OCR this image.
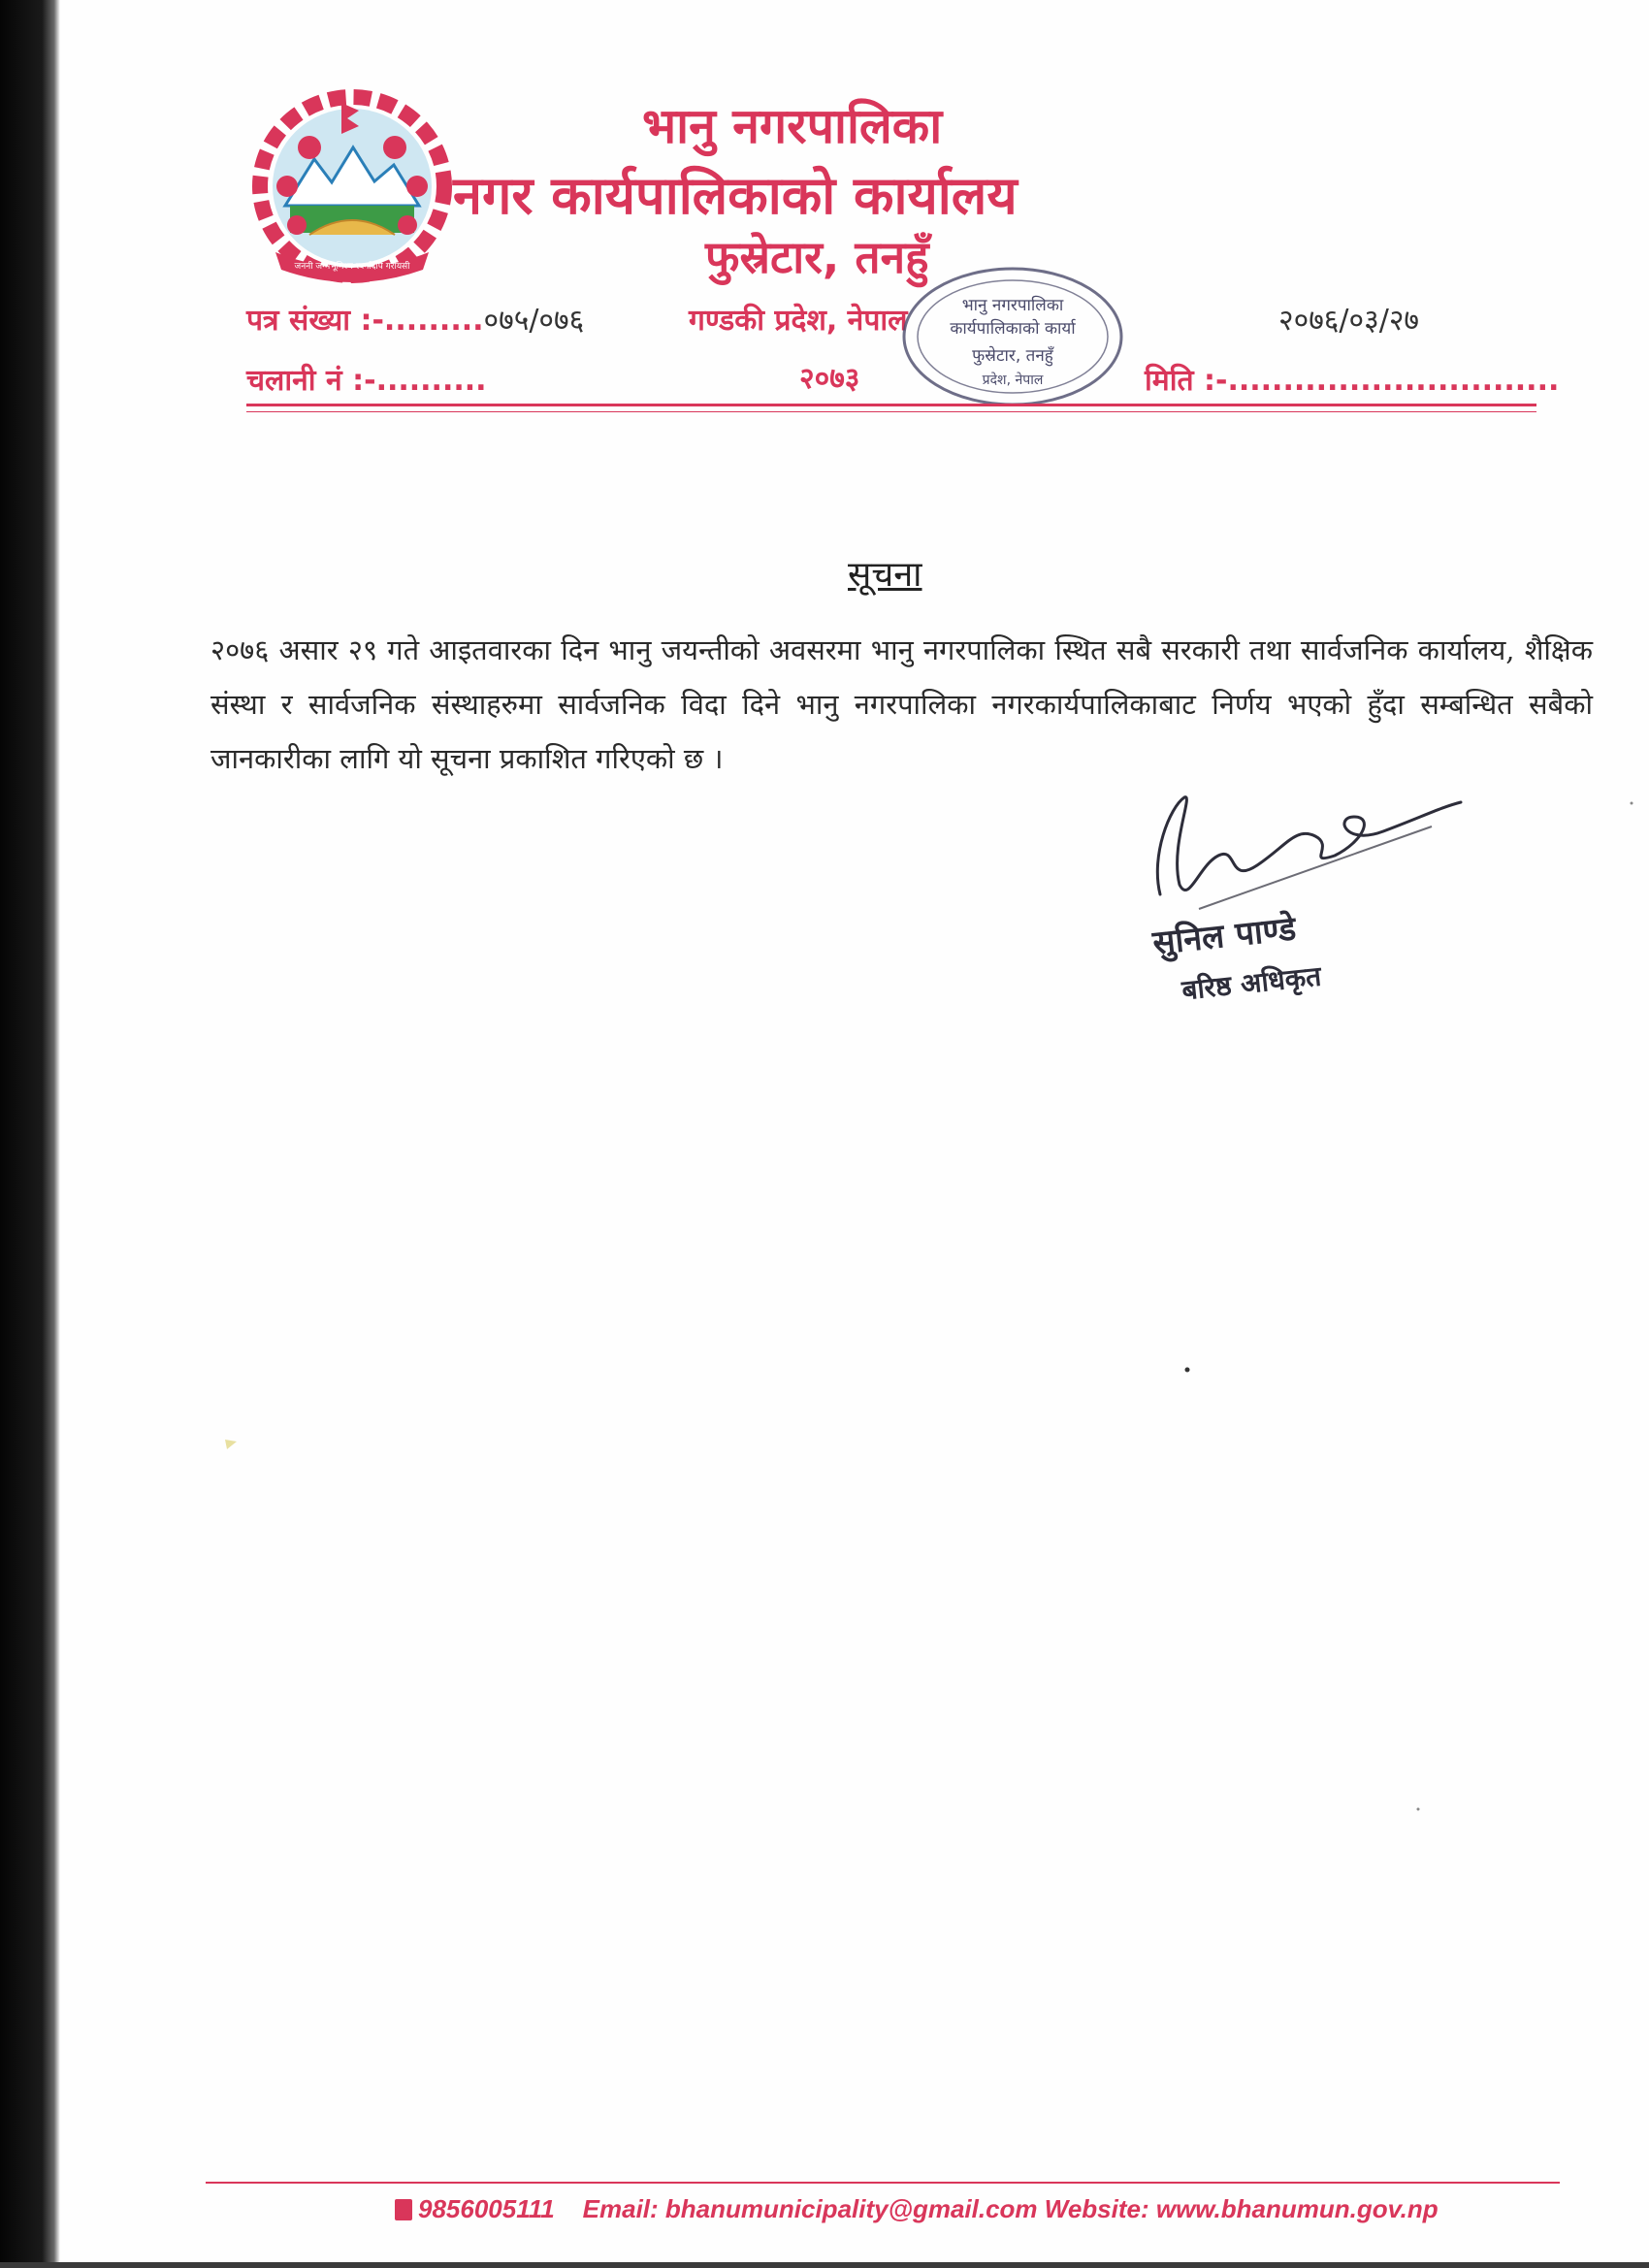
जननी जन्मभूमिश्च स्वर्गादपि गरीयसी
भानु नगरपालिका
नगर कार्यपालिकाको कार्यालय
फुस्रेटार, तनहुँ
पत्र संख्या :-.........०७५/०७६
चलानी नं :-..........
गण्डकी प्रदेश, नेपाल
२०७३
२०७६/०३/२७
मिति :-..............................
भानु नगरपालिका
कार्यपालिकाको कार्या
फुस्रेटार, तनहुँ
प्रदेश, नेपाल
सूचना
२०७६ असार २९ गते आइतवारका दिन भानु जयन्तीको अवसरमा भानु नगरपालिका स्थित सबै सरकारी तथा सार्वजनिक कार्यालय, शैक्षिक संस्था र सार्वजनिक संस्थाहरुमा सार्वजनिक विदा दिने भानु नगरपालिका नगरकार्यपालिकाबाट निर्णय भएको हुँदा सम्बन्धित सबैको जानकारीका लागि यो सूचना प्रकाशित गरिएको छ ।
सुनिल पाण्डे
बरिष्ठ अधिकृत
9856005111 Email: bhanumunicipality@gmail.com Website: www.bhanumun.gov.np
